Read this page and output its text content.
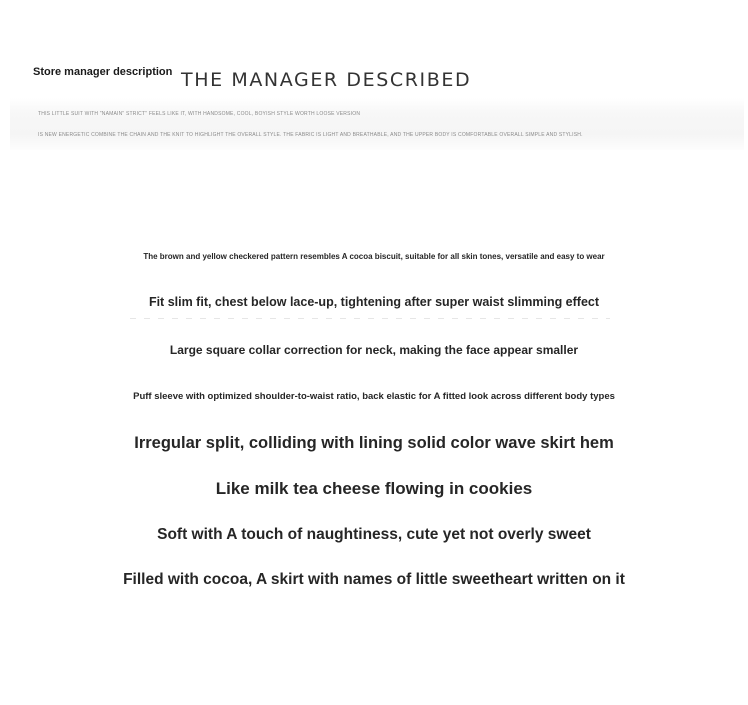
Store manager description THE MANAGER DESCRIBED
THIS LITTLE SUIT WITH "NAMAIN" STRICT" FEELS LIKE IT, WITH HANDSOME, COOL, BOYISH STYLE WORTH LOOSE VERSION
IS NEW ENERGETIC COMBINE THE CHAIN AND THE KNIT TO HIGHLIGHT THE OVERALL STYLE. THE FABRIC IS LIGHT AND BREATHABLE, AND THE UPPER BODY IS COMFORTABLE OVERALL SIMPLE AND STYLISH.
The brown and yellow checkered pattern resembles A cocoa biscuit, suitable for all skin tones, versatile and easy to wear
Fit slim fit, chest below lace-up, tightening after super waist slimming effect
Large square collar correction for neck, making the face appear smaller
Puff sleeve with optimized shoulder-to-waist ratio, back elastic for A fitted look across different body types
Irregular split, colliding with lining solid color wave skirt hem
Like milk tea cheese flowing in cookies
Soft with A touch of naughtiness, cute yet not overly sweet
Filled with cocoa, A skirt with names of little sweetheart written on it
